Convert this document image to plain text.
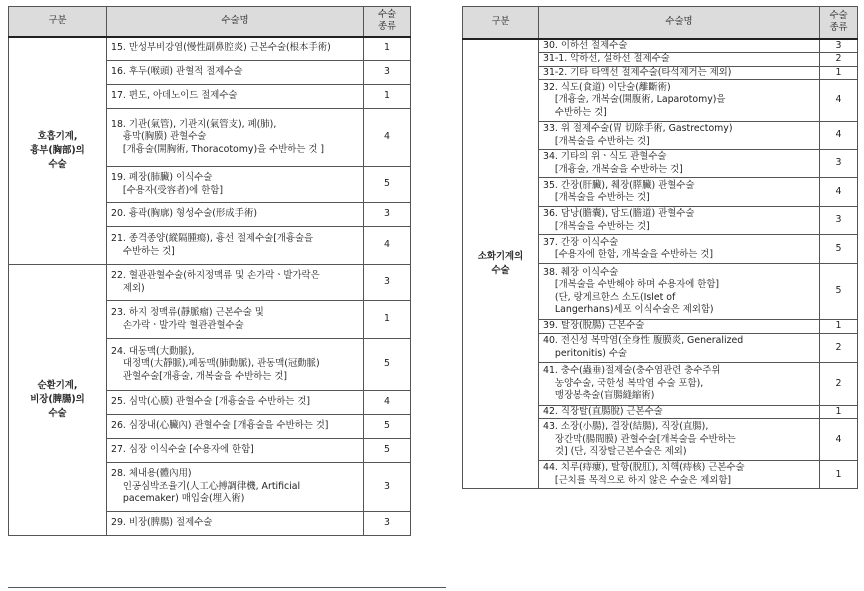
구분	수술명	수술
종류
호흡기계,
흉부(胸部)의
수술	15. 만성부비강염(慢性副鼻腔炎) 근본수술(根本手術)	1
	16. 후두(喉頭) 관혈적 절제수술	3
	17. 편도, 아데노이드 절제수술	1
	18. 기관(氣管), 기관지(氣管支), 폐(肺),
흉막(胸膜) 관혈수술
[개흉술(開胸術, Thoracotomy)을 수반하는 것 ]	4
	19. 폐장(肺臟) 이식수술
[수용자(受容者)에 한함]	5
	20. 흉곽(胸廓) 형성수술(形成手術)	3
	21. 종격종양(縱隔腫瘍), 흉선 절제수술[개흉술을
수반하는 것]	4
순환기계,
비장(脾腸)의
수술	22. 혈관관혈수술(하지정맥류 및 손가락ㆍ발가락은
제외)	3
	23. 하지 정맥류(靜脈瘤) 근본수술 및
손가락ㆍ발가락 혈관관혈수술	1
	24. 대동맥(大動脈),
대정맥(大靜脈),폐동맥(肺動脈), 관동맥(冠動脈)
관혈수술[개흉술, 개복술을 수반하는 것]	5
	25. 심막(心膜) 관혈수술 [개흉술을 수반하는 것]	4
	26. 심장내(心臟內) 관혈수술 [개흉술을 수반하는 것]	5
	27. 심장 이식수술 [수용자에 한함]	5
	28. 체내용(體內用)
인공심박조율기(人工心搏調律機, Artificial
pacemaker) 매입술(埋入術)	3
	29. 비장(脾腸) 절제수술	3
구분	수술명	수술
종류
소화기계의
수술	30. 이하선 절제수술	3
	31-1. 악하선, 설하선 절제수술	2
	31-2. 기타 타액선 절제수술(타석제거는 제외)	1
	32. 식도(食道) 이단술(離斷術)
[개흉술, 개복술(開腹術, Laparotomy)을
수반하는 것]	4
	33. 위 절제수술(胃 切除手術, Gastrectomy)
[개복술을 수반하는 것]	4
	34. 기타의 위ㆍ식도 관혈수술
[개흉술, 개복술을 수반하는 것]	3
	35. 간장(肝臟), 췌장(膵臟) 관혈수술
[개복술을 수반하는 것]	4
	36. 담낭(膽囊), 담도(膽道) 관혈수술
[개복술을 수반하는 것]	3
	37. 간장 이식수술
[수용자에 한함, 개복술을 수반하는 것]	5
	38. 췌장 이식수술
[개복술을 수반해야 하며 수용자에 한함]
(단, 랑게르한스 소도(Islet of
Langerhans)세포 이식수술은 제외함)	5
	39. 탈장(脫腸) 근본수술	1
	40. 전신성 복막염(全身性 腹膜炎, Generalized
peritonitis) 수술	2
	41. 충수(蟲垂)절제술(충수염관련 충수주위
농양수술, 국한성 복막염 수술 포함),
맹장봉축술(盲腸縫縮術)	2
	42. 직장탈(直腸脫) 근본수술	1
	43. 소장(小腸), 결장(結腸), 직장(直腸),
장간막(腸間膜) 관혈수술[개복술을 수반하는
것] (단, 직장탈근본수술은 제외)	4
	44. 치루(痔瘻), 탈항(脫肛), 치핵(痔核) 근본수술
[근치를 목적으로 하지 않은 수술은 제외함]	1
